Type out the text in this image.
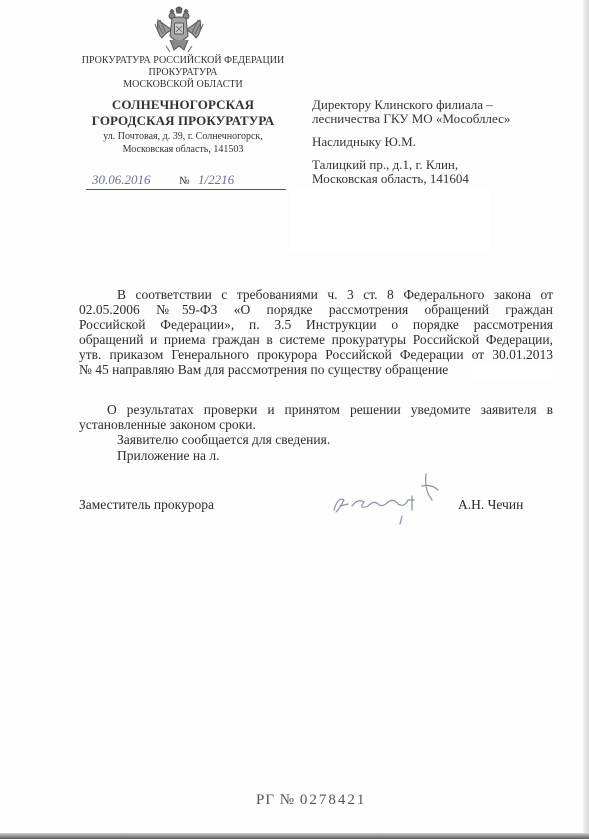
ПРОКУРАТУРА РОССИЙСКОЙ ФЕДЕРАЦИИ
ПРОКУРАТУРА
МОСКОВСКОЙ ОБЛАСТИ
СОЛНЕЧНОГОРСКАЯ
ГОРОДСКАЯ ПРОКУРАТУРА
ул. Почтовая, д. 39, г. Солнечногорск,
Московская область, 141503
30.06.2016	№ 1/2216
Директору Клинского филиала –
лесничества ГКУ МО «Мособллес»
Наслидныку Ю.М.
Талицкий пр., д.1, г. Клин,
Московская область, 141604
В соответствии с требованиями ч. 3 ст. 8 Федерального закона от
02.05.2006 №59-ФЗ «О порядке рассмотрения обращений граждан
Российской Федерации», п. 3.5 Инструкции о порядке рассмотрения
обращений и приема граждан в системе прокуратуры Российской Федерации,
утв. приказом Генерального прокурора Российской Федерации от 30.01.2013
№ 45 направляю Вам для рассмотрения по существу обращение
О результатах проверки и принятом решении уведомите заявителя в
установленные законом сроки.
Заявителю сообщается для сведения.
Приложение на л.
Заместитель прокурора	А.Н. Чечин
РГ № 0278421
